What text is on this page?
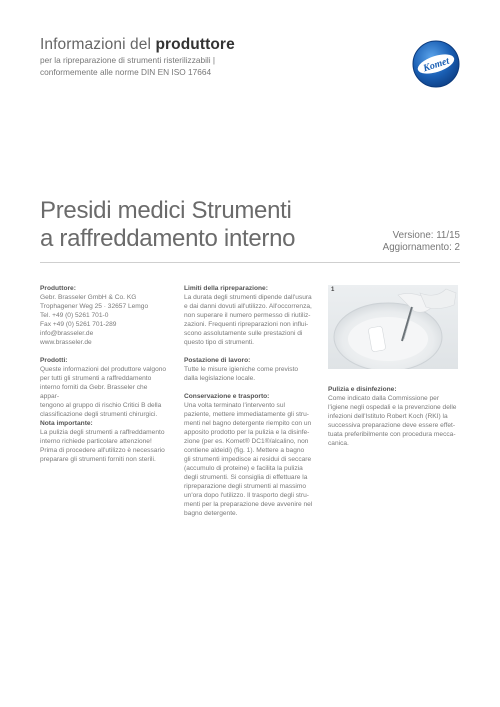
Informazioni del produttore
per la ripreparazione di strumenti risterilizzabili |
conformemente alle norme DIN EN ISO 17664	Komet
Presidi medici Strumenti
a raffreddamento interno	Versione: 11/15
Aggiornamento: 2

Produttore:

Gebr. Brasseler GmbH & Co. KG

Trophagener Weg 25 · 32657 Lemgo

Tel. +49 (0) 5261 701-0

Fax +49 (0) 5261 701-289

info@brasseler.de

www.brasseler.de

Prodotti:

Queste informazioni del produttore valgono

per tutti gli strumenti a raffreddamento

interno forniti da Gebr. Brasseler che appar-

tengono al gruppo di rischio Critici B della

classificazione degli strumenti chirurgici.

Nota importante:

La pulizia degli strumenti a raffreddamento

interno richiede particolare attenzione!

Prima di procedere all'utilizzo è necessario

preparare gli strumenti forniti non sterili.

Limiti della ripreparazione:

La durata degli strumenti dipende dall'usura

e dai danni dovuti all'utilizzo. All'occorrenza,

non superare il numero permesso di riutiliz-

zazioni. Frequenti ripreparazioni non influi-

scono assolutamente sulle prestazioni di

questo tipo di strumenti.

Postazione di lavoro:

Tutte le misure igieniche come previsto

dalla legislazione locale.

Conservazione e trasporto:

Una volta terminato l'intervento sul

paziente, mettere immediatamente gli stru-

menti nel bagno detergente riempito con un

apposito prodotto per la pulizia e la disinfe-

zione (per es. Komet® DC1®/alcalino, non

contiene aldeidi) (fig. 1). Mettere a bagno

gli strumenti impedisce ai residui di seccare

(accumulo di proteine) e facilita la pulizia

degli strumenti. Si consiglia di effettuare la

ripreparazione degli strumenti al massimo

un'ora dopo l'utilizzo. Il trasporto degli stru-

menti per la preparazione deve avvenire nel

bagno detergente.

1

Pulizia e disinfezione:

Come indicato dalla Commissione per

l'igiene negli ospedali e la prevenzione delle

infezioni dell'Istituto Robert Koch (RKI) la

successiva preparazione deve essere effet-

tuata preferibilmente con procedura mecca-

canica.
